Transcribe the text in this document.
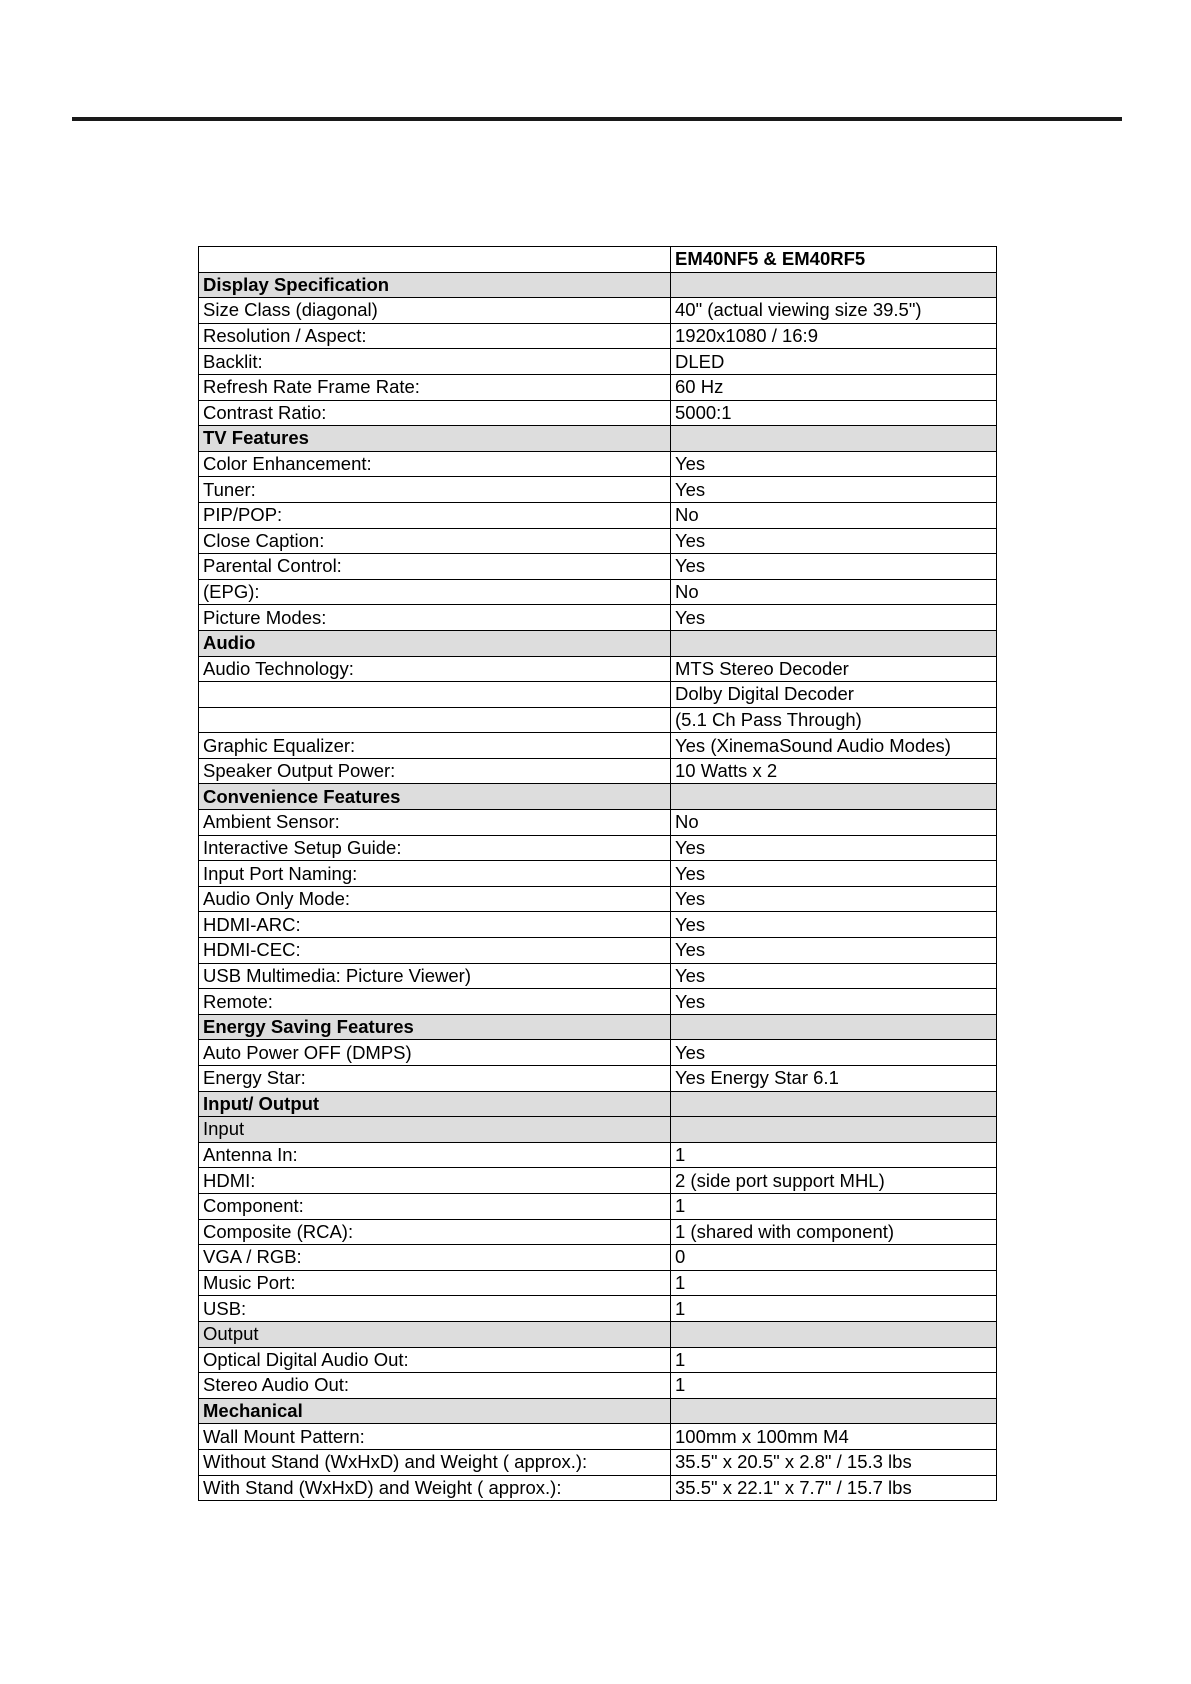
	EM40NF5 & EM40RF5
Display Specification	
Size Class (diagonal)	40" (actual viewing size 39.5")
Resolution / Aspect:	1920x1080 / 16:9
Backlit:	DLED
Refresh Rate Frame Rate:	60 Hz
Contrast Ratio:	5000:1
TV Features	
Color Enhancement:	Yes
Tuner:	Yes
PIP/POP:	No
Close Caption:	Yes
Parental Control:	Yes
(EPG):	No
Picture Modes:	Yes
Audio	
Audio Technology:	MTS Stereo Decoder
	Dolby Digital Decoder
	(5.1 Ch Pass Through)
Graphic Equalizer:	Yes (XinemaSound Audio Modes)
Speaker Output Power:	10 Watts x 2
Convenience Features	
Ambient Sensor:	No
Interactive Setup Guide:	Yes
Input Port Naming:	Yes
Audio Only Mode:	Yes
HDMI-ARC:	Yes
HDMI-CEC:	Yes
USB Multimedia: Picture Viewer)	Yes
Remote:	Yes
Energy Saving Features	
Auto Power OFF (DMPS)	Yes
Energy Star:	Yes Energy Star 6.1
Input/ Output	
Input	
Antenna In:	1
HDMI:	2 (side port support MHL)
Component:	1
Composite (RCA):	1 (shared with component)
VGA / RGB:	0
Music Port:	1
USB:	1
Output	
Optical Digital Audio Out:	1
Stereo Audio Out:	1
Mechanical	
Wall Mount Pattern:	100mm x 100mm M4
Without Stand (WxHxD) and Weight ( approx.):	35.5" x 20.5" x 2.8" / 15.3 lbs
With Stand (WxHxD) and Weight ( approx.):	35.5" x 22.1" x 7.7" / 15.7 lbs
